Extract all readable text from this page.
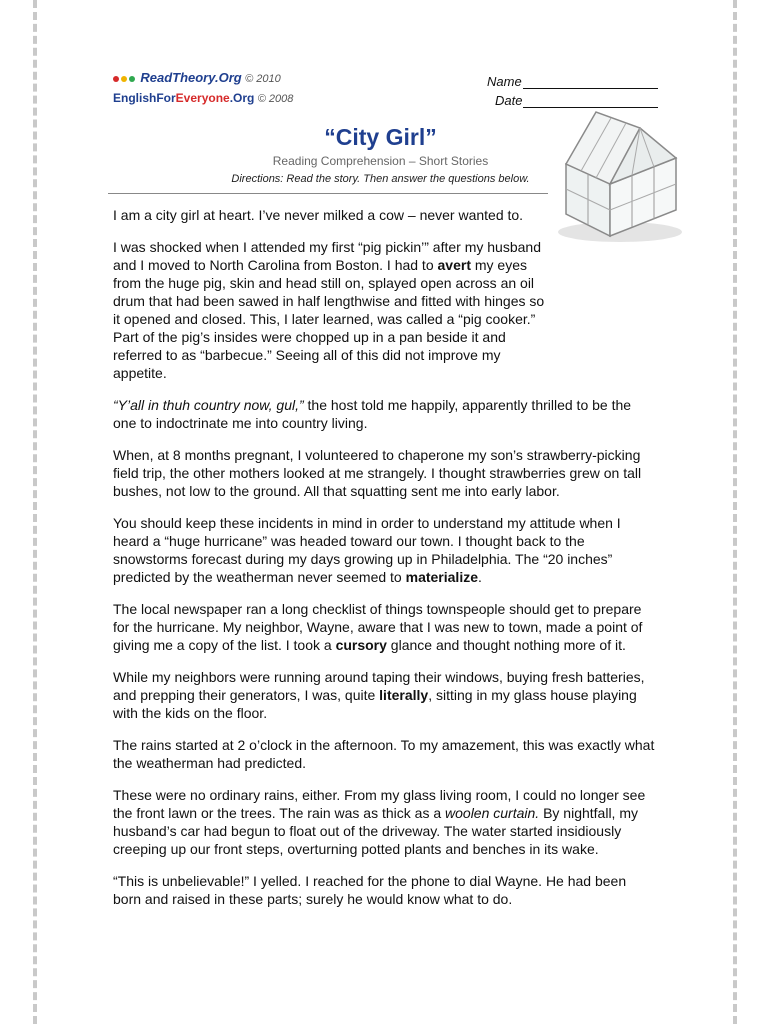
ReadTheory.Org © 2010
EnglishForEveryone.Org © 2008
Name
Date
“City Girl”
Reading Comprehension – Short Stories
Directions: Read the story. Then answer the questions below.

I am a city girl at heart. I’ve never milked a cow – never wanted to.

I was shocked when I attended my first “pig pickin’” after my husband and I moved to North Carolina from Boston. I had to avert my eyes from the huge pig, skin and head still on, splayed open across an oil drum that had been sawed in half lengthwise and fitted with hinges so it opened and closed. This, I later learned, was called a “pig cooker.” Part of the pig’s insides were chopped up in a pan beside it and referred to as “barbecue.” Seeing all of this did not improve my appetite.

“Y’all in thuh country now, gul,” the host told me happily, apparently thrilled to be the one to indoctrinate me into country living.

When, at 8 months pregnant, I volunteered to chaperone my son’s strawberry-picking field trip, the other mothers looked at me strangely. I thought strawberries grew on tall bushes, not low to the ground. All that squatting sent me into early labor.

You should keep these incidents in mind in order to understand my attitude when I heard a “huge hurricane” was headed toward our town. I thought back to the snowstorms forecast during my days growing up in Philadelphia. The “20 inches” predicted by the weatherman never seemed to materialize.

The local newspaper ran a long checklist of things townspeople should get to prepare for the hurricane. My neighbor, Wayne, aware that I was new to town, made a point of giving me a copy of the list. I took a cursory glance and thought nothing more of it.

While my neighbors were running around taping their windows, buying fresh batteries, and prepping their generators, I was, quite literally, sitting in my glass house playing with the kids on the floor.

The rains started at 2 o’clock in the afternoon. To my amazement, this was exactly what the weatherman had predicted.

These were no ordinary rains, either. From my glass living room, I could no longer see the front lawn or the trees. The rain was as thick as a woolen curtain. By nightfall, my husband’s car had begun to float out of the driveway. The water started insidiously creeping up our front steps, overturning potted plants and benches in its wake.

“This is unbelievable!” I yelled. I reached for the phone to dial Wayne. He had been born and raised in these parts; surely he would know what to do.
